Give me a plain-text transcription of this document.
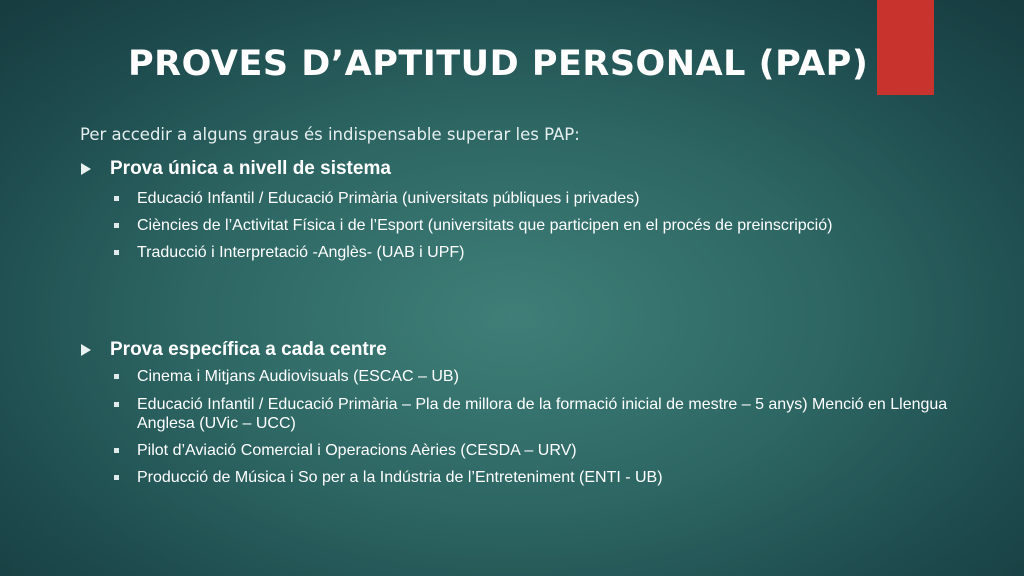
PROVES D’APTITUD PERSONAL (PAP)
Per accedir a alguns graus és indispensable superar les PAP:
Prova única a nivell de sistema
Educació Infantil / Educació Primària (universitats públiques i privades)
Ciències de l’Activitat Física i de l’Esport (universitats que participen en el procés de preinscripció)
Traducció i Interpretació -Anglès- (UAB i UPF)
Prova específica a cada centre
Cinema i Mitjans Audiovisuals (ESCAC – UB)
Educació Infantil / Educació Primària – Pla de millora de la formació inicial de mestre – 5 anys) Menció en Llengua Anglesa (UVic – UCC)
Pilot d’Aviació Comercial i Operacions Aèries (CESDA – URV)
Producció de Música i So per a la Indústria de l’Entreteniment (ENTI - UB)
